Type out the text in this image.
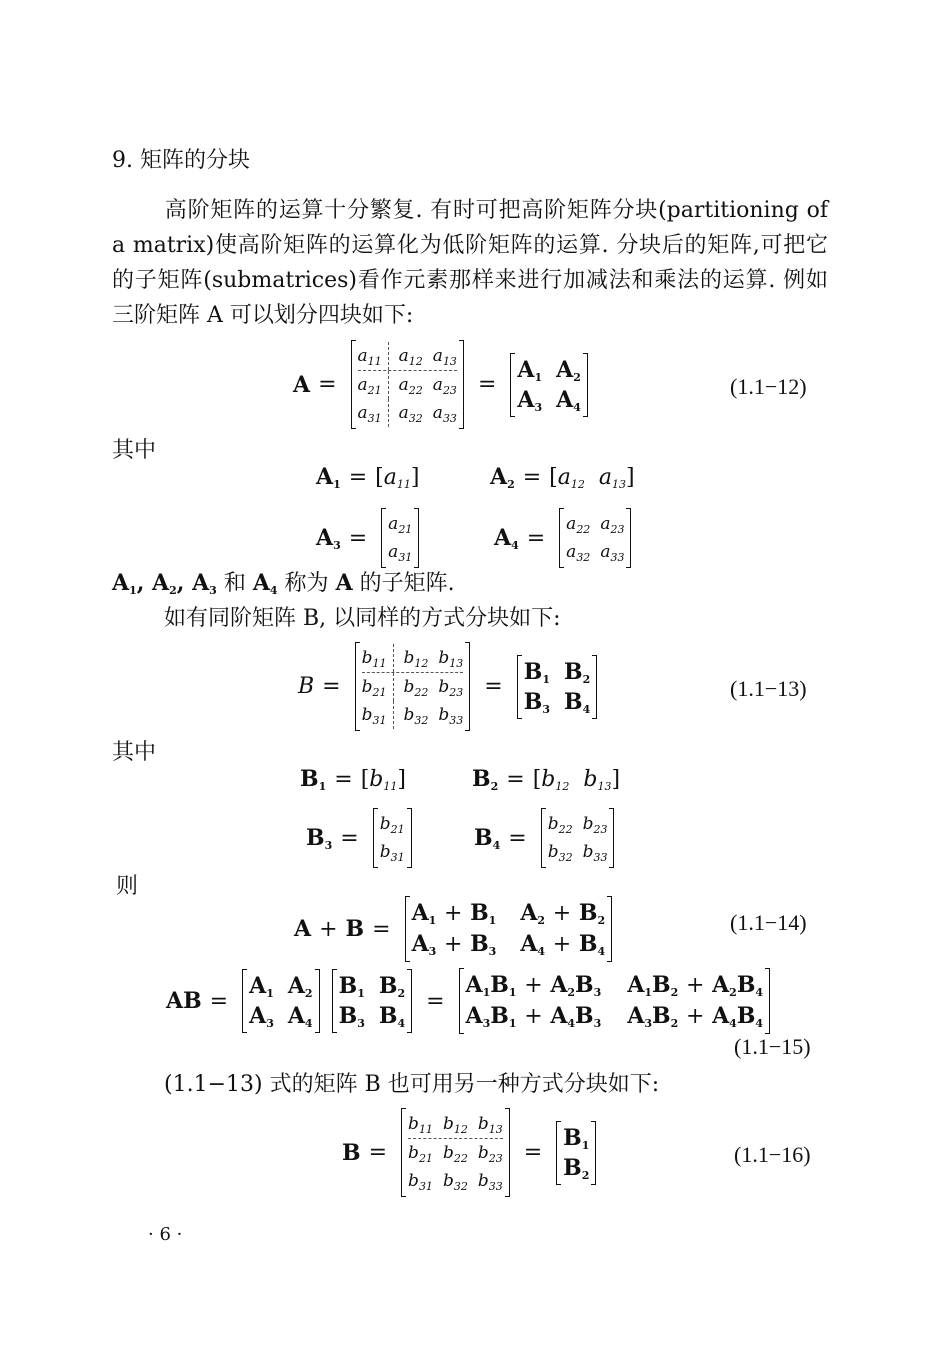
9. 矩阵的分块
高阶矩阵的运算十分繁复. 有时可把高阶矩阵分块(partitioning of a matrix)使高阶矩阵的运算化为低阶矩阵的运算. 分块后的矩阵,可把它的子矩阵(submatrices)看作元素那样来进行加减法和乘法的运算. 例如三阶矩阵 A 可以划分四块如下:
A =
$a_{11}$	$a_{12}$ $a_{13}$
$a_{21}$	$a_{22}$ $a_{23}$
$a_{31}$	$a_{32}$ $a_{33}$
=
$A_1$ $A_2$
$A_3$ $A_4$
(1.1−12)
其中
$A_1$ = [ $a_{11}$ ]	$A_2$ = [ $a_{12}$  $a_{13}$ ]
$A_3$ =
$a_{21}$
$a_{31}$
$A_4$ =
$a_{22}$ $a_{23}$
$a_{32}$ $a_{33}$
$A_1$, $A_2$, $A_3$ 和 $A_4$ 称为 A 的子矩阵.
如有同阶矩阵 B, 以同样的方式分块如下:
B =
$b_{11}$	$b_{12}$ $b_{13}$
$b_{21}$	$b_{22}$ $b_{23}$
$b_{31}$	$b_{32}$ $b_{33}$
=
$B_1$ $B_2$
$B_3$ $B_4$
(1.1−13)
其中
$B_1$ = [ $b_{11}$ ]	$B_2$ = [ $b_{12}$  $b_{13}$ ]
$B_3$ =
$b_{21}$
$b_{31}$
$B_4$ =
$b_{22}$ $b_{23}$
$b_{32}$ $b_{33}$
则
A + B =
$A_1 + B_1$ $A_2 + B_2$
$A_3 + B_3$ $A_4 + B_4$
(1.1−14)
AB =
$A_1$ $A_2$
$A_3$ $A_4$
$B_1$ $B_2$
$B_3$ $B_4$
=
$A_1B_1 + A_2B_3$ $A_1B_2 + A_2B_4$
$A_3B_1 + A_4B_3$ $A_3B_2 + A_4B_4$
(1.1−15)
(1.1−13) 式的矩阵 B 也可用另一种方式分块如下:
B =
$b_{11}$ $b_{12}$ $b_{13}$
$b_{21}$ $b_{22}$ $b_{23}$
$b_{31}$ $b_{32}$ $b_{33}$
=
$B_1$
$B_2$
(1.1−16)
· 6 ·
